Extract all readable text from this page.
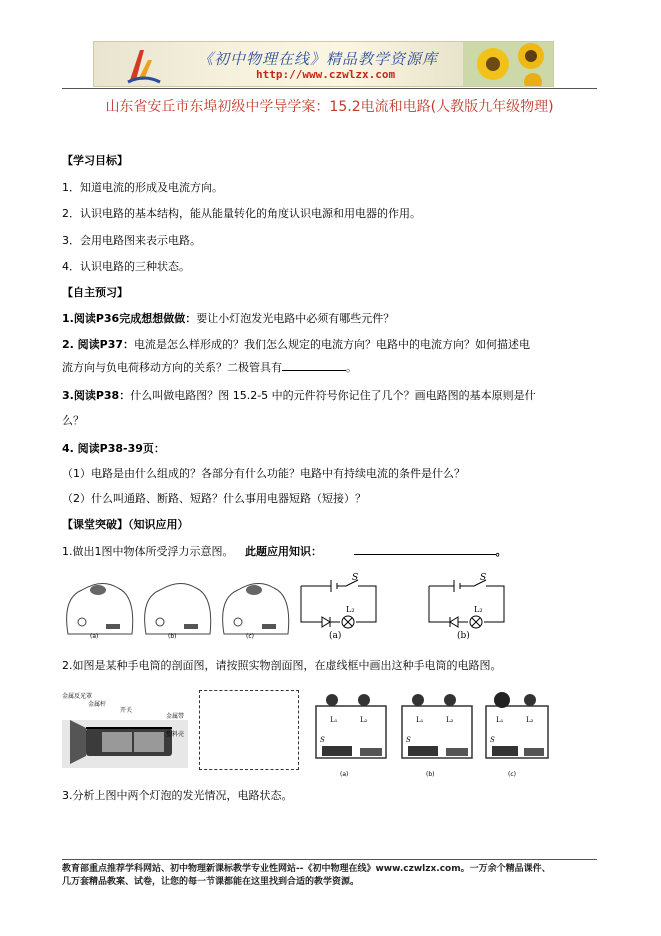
《初中物理在线》精品教学资源库
http://www.czwlzx.com
山东省安丘市东埠初级中学导学案：15.2电流和电路(人教版九年级物理)
【学习目标】
1．知道电流的形成及电流方向。
2．认识电路的基本结构，能从能量转化的角度认识电源和用电器的作用。
3．会用电路图来表示电路。
4．认识电路的三种状态。
【自主预习】
1.阅读P36完成想想做做：要让小灯泡发光电路中必须有哪些元件？
2. 阅读P37：电流是怎么样形成的？我们怎么规定的电流方向？电路中的电流方向？如何描述电
流方向与负电荷移动方向的关系？二极管具有	。
3.阅读P38：什么叫做电路图？图 15.2-5 中的元件符号你记住了几个？画电路图的基本原则是什
么？
4. 阅读P38-39页：
（1）电路是由什么组成的？各部分有什么功能？电路中有持续电流的条件是什么？
（2）什么叫通路、断路、短路？什么事用电器短路（短接）？
【课堂突破】（知识应用）
1.做出1图中物体所受浮力示意图。 此题应用知识：	。
(a)	(b)	(c)
S
L₂
(a)
S
L₂
(b)
2.如图是某种手电筒的剖面图，请按照实物剖面图，在虚线框中画出这种手电筒的电路图。
金属反光罩
金属杆
开关
金属带
塑料壳
L₁	L₂
S
(a)
L₁	L₂
S
(b)
L₁	L₂
S
(c)
3.分析上图中两个灯泡的发光情况，电路状态。
教育部重点推荐学科网站、初中物理新课标教学专业性网站--《初中物理在线》www.czwlzx.com。一万余个精品课件、
几万套精品教案、试卷，让您的每一节课都能在这里找到合适的教学资源。
